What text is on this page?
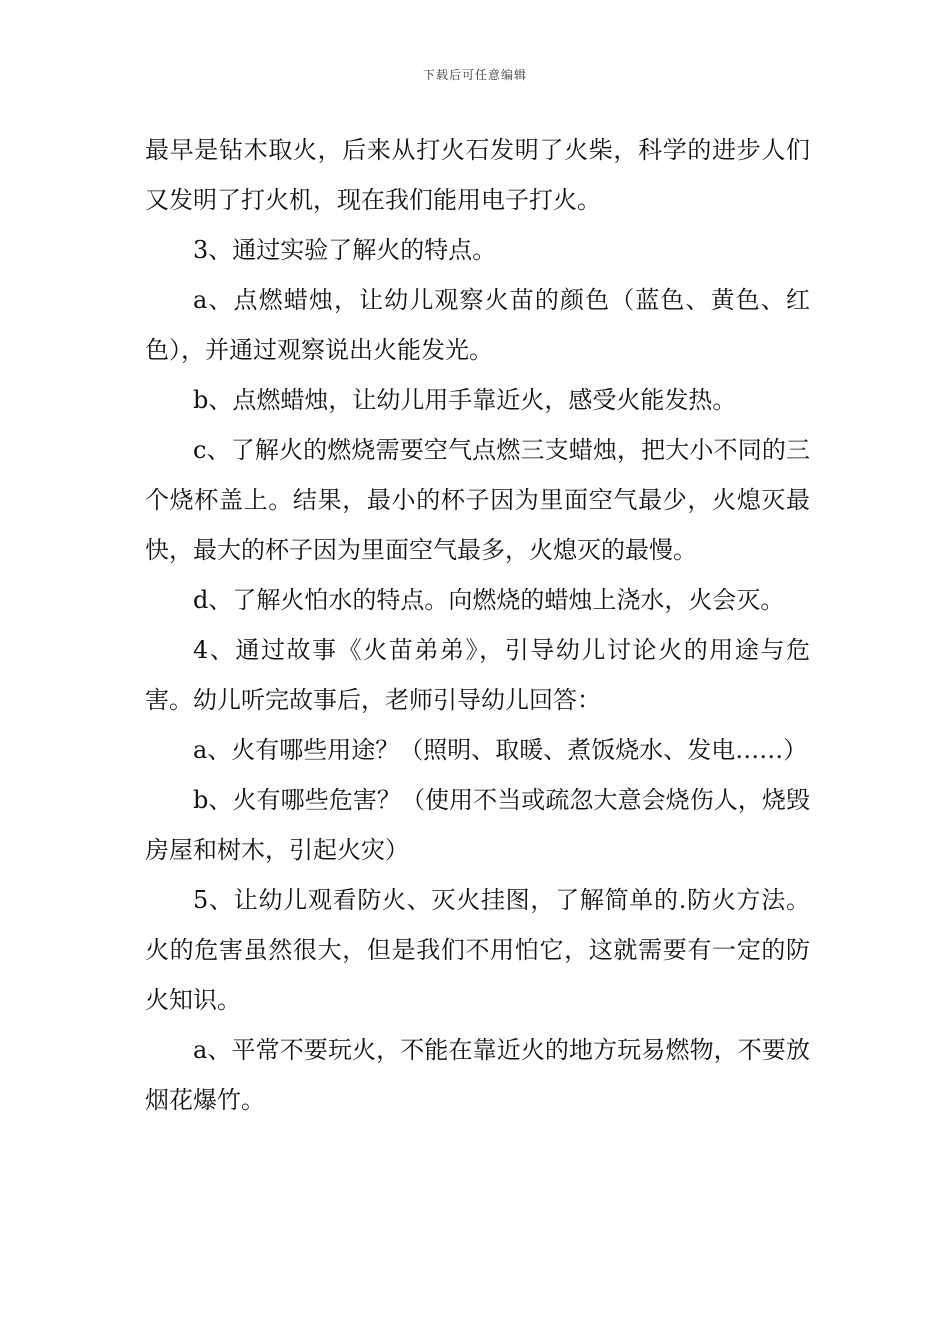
下载后可任意编辑

最早是钻木取火，后来从打火石发明了火柴，科学的进步人们又发明了打火机，现在我们能用电子打火。

3、通过实验了解火的特点。

a、点燃蜡烛，让幼儿观察火苗的颜色（蓝色、黄色、红色），并通过观察说出火能发光。

b、点燃蜡烛，让幼儿用手靠近火，感受火能发热。

c、了解火的燃烧需要空气点燃三支蜡烛，把大小不同的三个烧杯盖上。结果，最小的杯子因为里面空气最少，火熄灭最快，最大的杯子因为里面空气最多，火熄灭的最慢。

d、了解火怕水的特点。向燃烧的蜡烛上浇水，火会灭。

4、通过故事《火苗弟弟》，引导幼儿讨论火的用途与危害。幼儿听完故事后，老师引导幼儿回答：

a、火有哪些用途？（照明、取暖、煮饭烧水、发电……）

b、火有哪些危害？（使用不当或疏忽大意会烧伤人，烧毁房屋和树木，引起火灾）

5、让幼儿观看防火、灭火挂图，了解简单的.防火方法。火的危害虽然很大，但是我们不用怕它，这就需要有一定的防火知识。

a、平常不要玩火，不能在靠近火的地方玩易燃物，不要放烟花爆竹。
